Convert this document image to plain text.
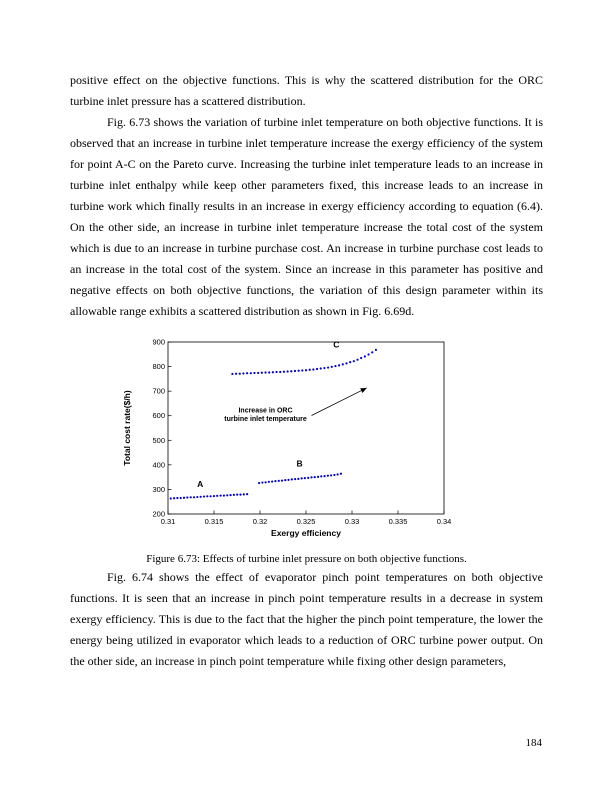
positive effect on the objective functions. This is why the scattered distribution for the ORC turbine inlet pressure has a scattered distribution.

Fig. 6.73 shows the variation of turbine inlet temperature on both objective functions. It is observed that an increase in turbine inlet temperature increase the exergy efficiency of the system for point A-C on the Pareto curve. Increasing the turbine inlet temperature leads to an increase in turbine inlet enthalpy while keep other parameters fixed, this increase leads to an increase in turbine work which finally results in an increase in exergy efficiency according to equation (6.4). On the other side, an increase in turbine inlet temperature increase the total cost of the system which is due to an increase in turbine purchase cost. An increase in turbine purchase cost leads to an increase in the total cost of the system. Since an increase in this parameter has positive and negative effects on both objective functions, the variation of this design parameter within its allowable range exhibits a scattered distribution as shown in Fig. 6.69d.

0.31	0.315	0.32	0.325	0.33	0.335	0.34
200
300
400
500
600
700
800
900
Exergy efficiency
Total cost rate($/h)
A
B
C
Increase in ORC turbine inlet temperature
Figure 6.73: Effects of turbine inlet pressure on both objective functions.

Fig. 6.74 shows the effect of evaporator pinch point temperatures on both objective functions. It is seen that an increase in pinch point temperature results in a decrease in system exergy efficiency. This is due to the fact that the higher the pinch point temperature, the lower the energy being utilized in evaporator which leads to a reduction of ORC turbine power output. On the other side, an increase in pinch point temperature while fixing other design parameters,

184
